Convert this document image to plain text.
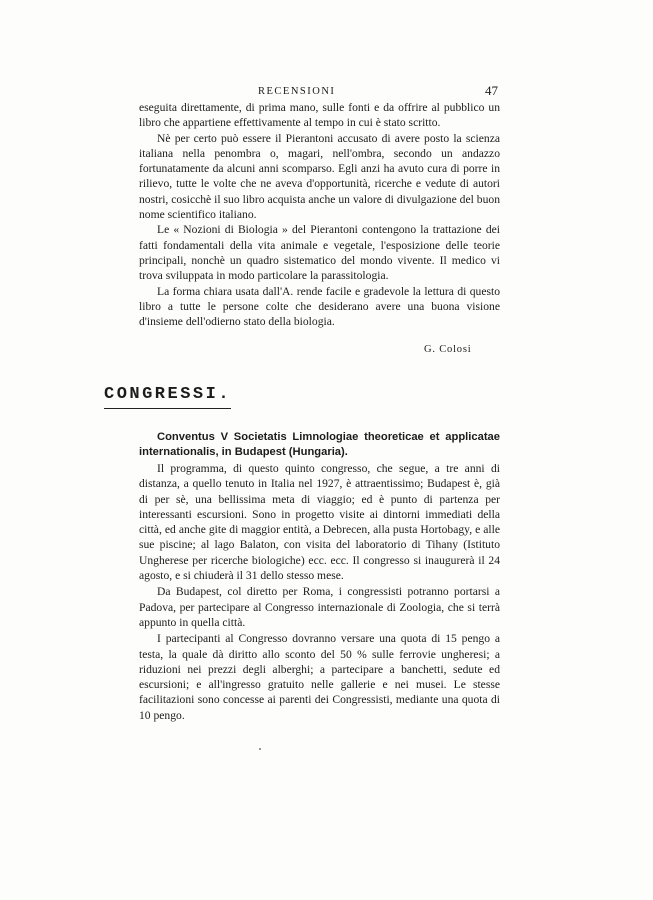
RECENSIONI	47

eseguita direttamente, di prima mano, sulle fonti e da offrire al pubblico un libro che appartiene effettivamente al tempo in cui è stato scritto.

Nè per certo può essere il Pierantoni accusato di avere posto la scienza italiana nella penombra o, magari, nell'ombra, secondo un andazzo fortunatamente da alcuni anni scomparso. Egli anzi ha avuto cura di porre in rilievo, tutte le volte che ne aveva d'opportunità, ricerche e vedute di autori nostri, cosicchè il suo libro acquista anche un valore di divulgazione del buon nome scientifico italiano.

Le « Nozioni di Biologia » del Pierantoni contengono la trattazione dei fatti fondamentali della vita animale e vegetale, l'esposizione delle teorie principali, nonchè un quadro sistematico del mondo vivente. Il medico vi trova sviluppata in modo particolare la parassitologia.

La forma chiara usata dall'A. rende facile e gradevole la lettura di questo libro a tutte le persone colte che desiderano avere una buona visione d'insieme dell'odierno stato della biologia.

G. Colosi
CONGRESSI.
Conventus V Societatis Limnologiae theoreticae et applicatae internationalis, in Budapest (Hungaria).

Il programma, di questo quinto congresso, che segue, a tre anni di distanza, a quello tenuto in Italia nel 1927, è attraentissimo; Budapest è, già di per sè, una bellissima meta di viaggio; ed è punto di partenza per interessanti escursioni. Sono in progetto visite ai dintorni immediati della città, ed anche gite di maggior entità, a Debrecen, alla pusta Hortobagy, e alle sue piscine; al lago Balaton, con visita del laboratorio di Tihany (Istituto Ungherese per ricerche biologiche) ecc. ecc. Il congresso si inaugurerà il 24 agosto, e si chiuderà il 31 dello stesso mese.

Da Budapest, col diretto per Roma, i congressisti potranno portarsi a Padova, per partecipare al Congresso internazionale di Zoologia, che si terrà appunto in quella città.

I partecipanti al Congresso dovranno versare una quota di 15 pengo a testa, la quale dà diritto allo sconto del 50 % sulle ferrovie ungheresi; a riduzioni nei prezzi degli alberghi; a partecipare a banchetti, sedute ed escursioni; e all'ingresso gratuito nelle gallerie e nei musei. Le stesse facilitazioni sono concesse ai parenti dei Congressisti, mediante una quota di 10 pengo.
